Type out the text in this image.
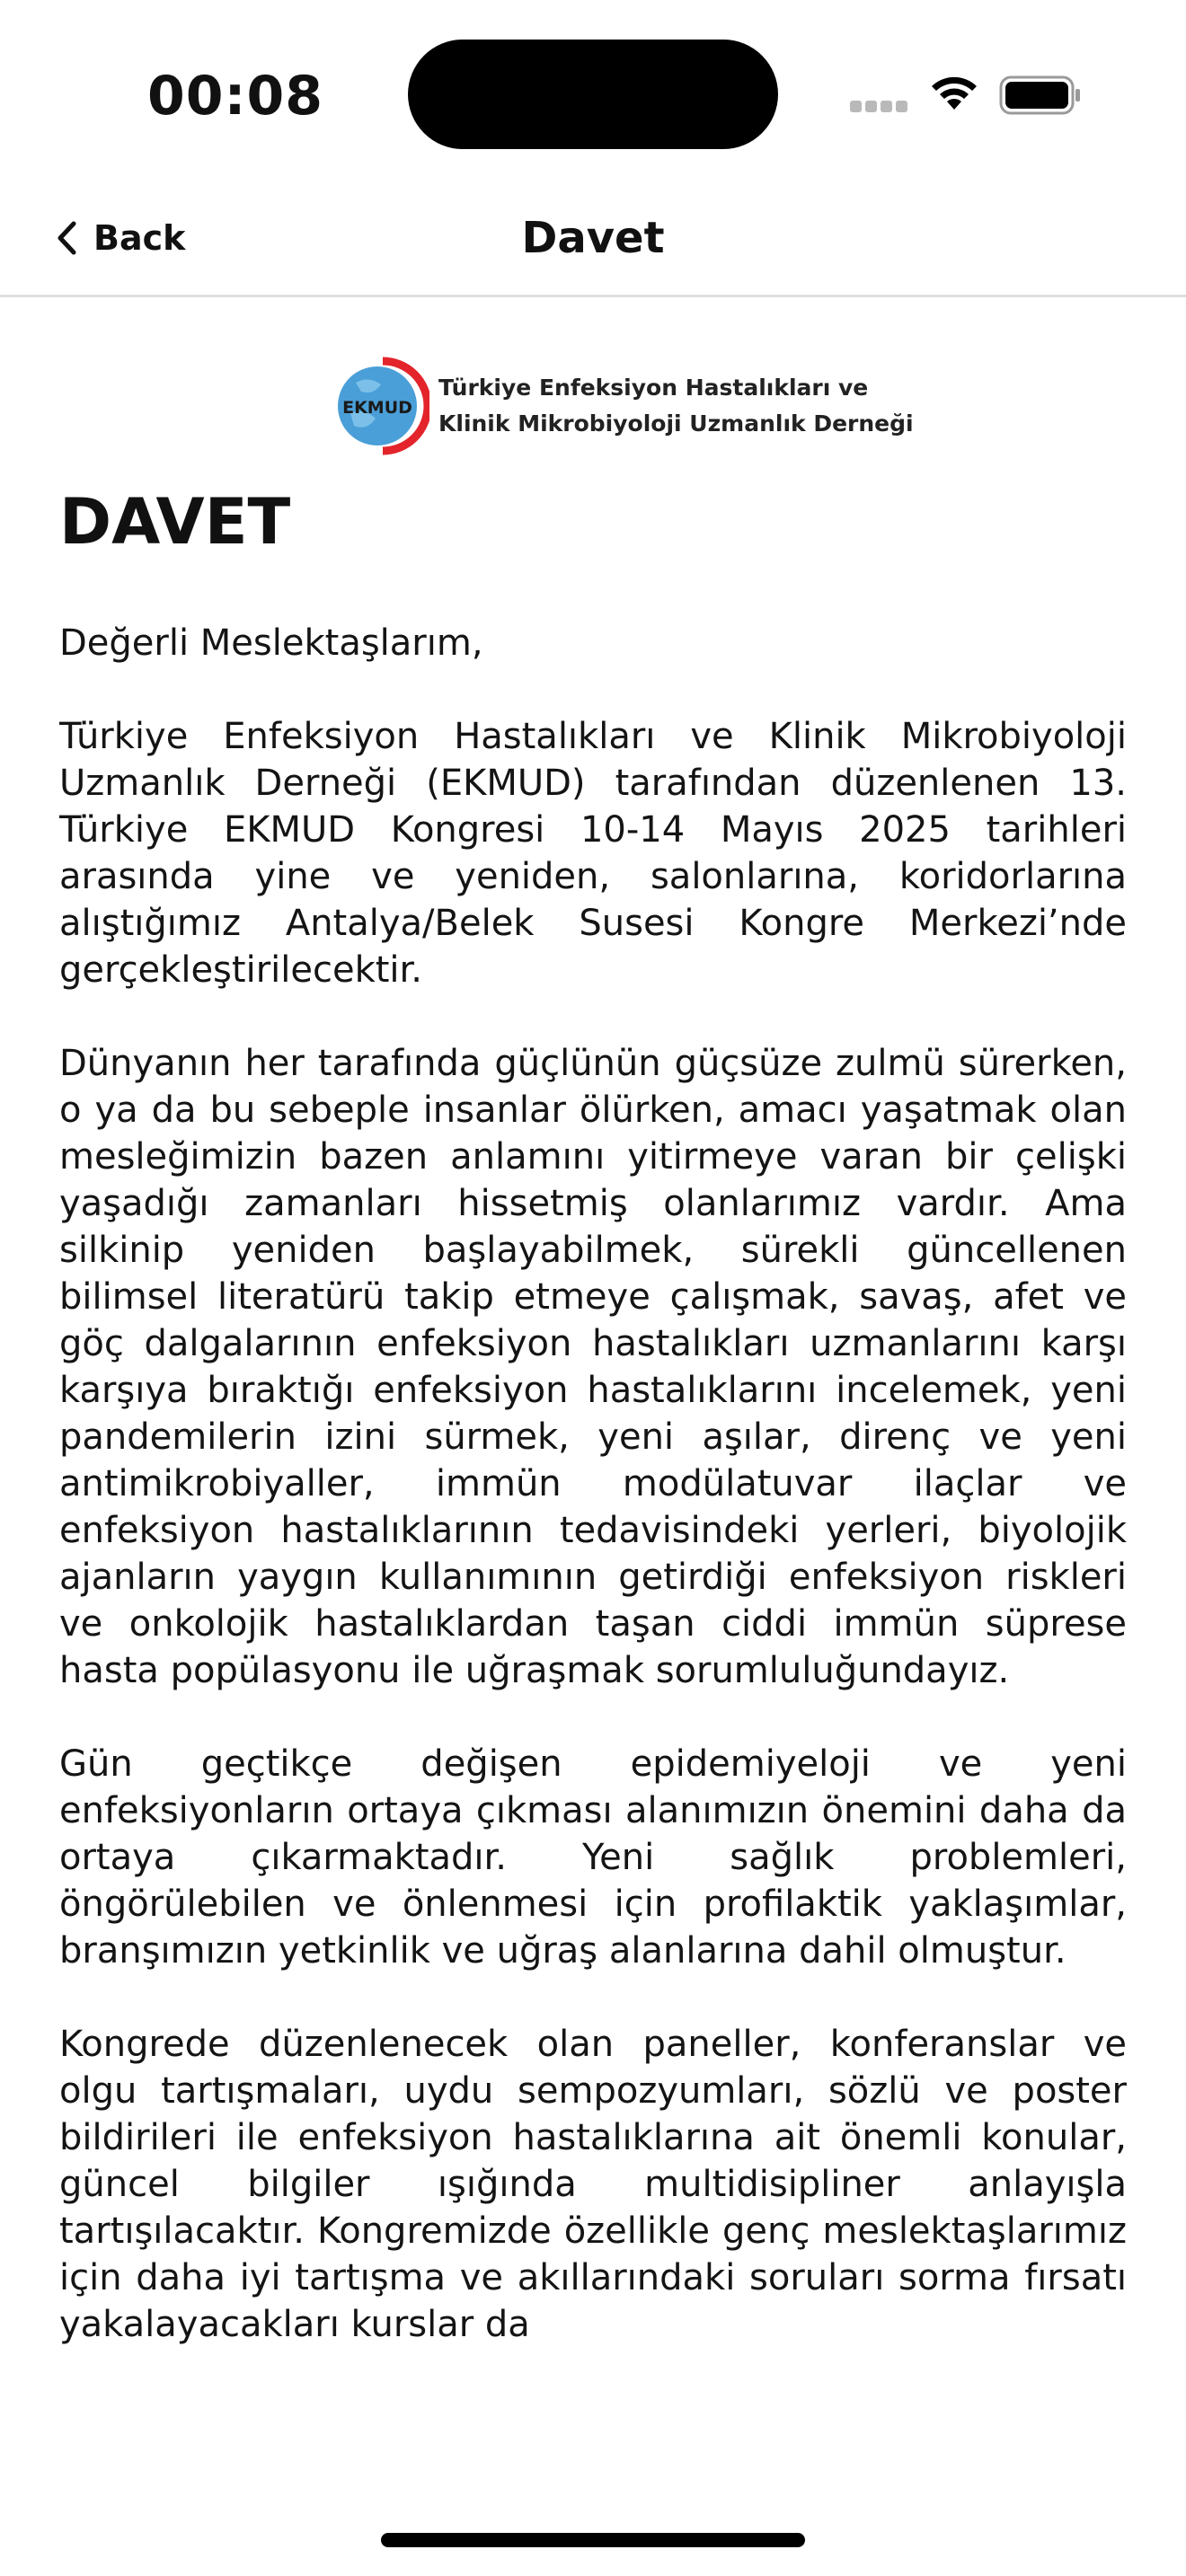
00:08
Back	Davet
EKMUD
Türkiye Enfeksiyon Hastalıkları ve
Klinik Mikrobiyoloji Uzmanlık Derneği
DAVET

Değerli Meslektaşlarım,

Türkiye Enfeksiyon Hastalıkları ve Klinik Mikrobiyoloji Uzmanlık Derneği (EKMUD) tarafından düzenlenen 13. Türkiye EKMUD Kongresi 10-14 Mayıs 2025 tarihleri arasında yine ve yeniden, salonlarına, koridorlarına alıştığımız Antalya/Belek Susesi Kongre Merkezi’nde gerçekleştirilecektir.

Dünyanın her tarafında güçlünün güçsüze zulmü sürerken, o ya da bu sebeple insanlar ölürken, amacı yaşatmak olan mesleğimizin bazen anlamını yitirmeye varan bir çelişki yaşadığı zamanları hissetmiş olanlarımız vardır. Ama silkinip yeniden başlayabilmek, sürekli güncellenen bilimsel literatürü takip etmeye çalışmak, savaş, afet ve göç dalgalarının enfeksiyon hastalıkları uzmanlarını karşı karşıya bıraktığı enfeksiyon hastalıklarını incelemek, yeni pandemilerin izini sürmek, yeni aşılar, direnç ve yeni antimikrobiyaller, immün modülatuvar ilaçlar ve enfeksiyon hastalıklarının tedavisindeki yerleri, biyolojik ajanların yaygın kullanımının getirdiği enfeksiyon riskleri ve onkolojik hastalıklardan taşan ciddi immün süprese hasta popülasyonu ile uğraşmak sorumluluğundayız.

Gün geçtikçe değişen epidemiyeloji ve yeni enfeksiyonların ortaya çıkması alanımızın önemini daha da ortaya çıkarmaktadır. Yeni sağlık problemleri, öngörülebilen ve önlenmesi için profilaktik yaklaşımlar, branşımızın yetkinlik ve uğraş alanlarına dahil olmuştur.

Kongrede düzenlenecek olan paneller, konferanslar ve olgu tartışmaları, uydu sempozyumları, sözlü ve poster bildirileri ile enfeksiyon hastalıklarına ait önemli konular, güncel bilgiler ışığında multidisipliner anlayışla tartışılacaktır. Kongremizde özellikle genç meslektaşlarımız için daha iyi tartışma ve akıllarındaki soruları sorma fırsatı yakalayacakları kurslar da
